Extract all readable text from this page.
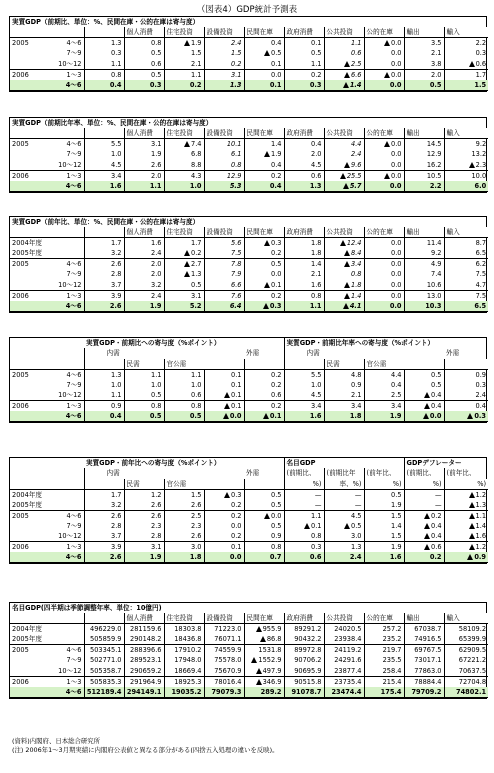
（図表4）GDP統計予測表
実質GDP（前期比、単位：%、民間在庫・公的在庫は寄与度）											
			個人消費	住宅投資	設備投資	民間在庫	政府消費	公共投資	公的在庫	輸出	輸入
2005	4～6	1.3	0.8	1.9	2.4	0.4	0.1	1.1	0.0	3.5	2.2
	7～9	0.3	0.5	1.5	1.5	0.5	0.5	0.6	0.0	2.1	0.3
	10～12	1.1	0.6	2.1	0.2	0.1	1.1	2.5	0.0	3.8	0.6
2006	1～3	0.8	0.5	1.1	3.1	0.0	0.2	6.6	0.0	2.0	1.7
	4～6	0.4	0.3	0.2	1.3	0.1	0.3	1.4	0.0	0.5	1.5
実質GDP（前期比年率、単位：%、民間在庫・公的在庫は寄与度）											
			個人消費	住宅投資	設備投資	民間在庫	政府消費	公共投資	公的在庫	輸出	輸入
2005	4～6	5.5	3.1	7.4	10.1	1.4	0.4	4.4	0.0	14.5	9.2
	7～9	1.0	1.9	6.8	6.1	1.9	2.0	2.4	0.0	12.9	13.2
	10～12	4.5	2.6	8.8	0.8	0.4	4.5	9.6	0.0	16.2	2.3
2006	1～3	3.4	2.0	4.3	12.9	0.2	0.6	25.5	0.0	10.5	10.0
	4～6	1.6	1.1	1.0	5.3	0.4	1.3	5.7	0.0	2.2	6.0
実質GDP（前年比、単位：%、民間在庫・公的在庫は寄与度）											
			個人消費	住宅投資	設備投資	民間在庫	政府消費	公共投資	公的在庫	輸出	輸入
2004年度		1.7	1.6	1.7	5.6	0.3	1.8	12.4	0.0	11.4	8.7
2005年度		3.2	2.4	0.2	7.5	0.2	1.8	8.4	0.0	9.2	6.5
2005	4～6	2.6	2.0	2.7	7.8	0.5	1.4	3.4	0.0	4.9	6.2
	7～9	2.8	2.0	1.3	7.9	0.0	2.1	0.8	0.0	7.4	7.5
	10～12	3.7	3.2	0.5	6.6	0.1	1.6	1.8	0.0	10.6	4.7
2006	1～3	3.9	2.4	3.1	7.6	0.2	0.8	1.4	0.0	13.0	7.5
	4～6	2.6	1.9	5.2	6.4	0.3	1.1	4.1	0.0	10.3	6.5
		実質GDP・前期比への寄与度（%ポイント）					実質GDP・前期比年率への寄与度（%ポイント）				
		内需				外需	内需				外需
			民需	官公需				民需	官公需		
2005	4～6	1.3	1.1	1.1	0.1	0.2	5.5	4.8	4.4	0.5	0.9
	7～9	1.0	1.0	1.0	0.1	0.2	1.0	0.9	0.4	0.5	0.3
	10～12	1.1	0.5	0.6	0.1	0.6	4.5	2.1	2.5	0.4	2.4
2006	1～3	0.9	0.8	0.8	0.1	0.2	3.4	3.4	3.4	0.4	0.4
	4～6	0.4	0.5	0.5	0.0	0.1	1.6	1.8	1.9	0.0	0.3
		実質GDP・前年比への寄与度（%ポイント）					名目GDP			GDPデフレーター	
		内需				外需	(前期比、	(前期比年	(前年比、	(前期比、	(前年比、
			民需	官公需			%)	率、%)	%)	%)	%)
2004年度		1.7	1.2	1.5	0.3	0.5	—	—	0.5	—	1.2
2005年度		3.2	2.6	2.6	0.2	0.5	—	—	1.9	—	1.3
2005	4～6	2.6	2.6	2.5	0.2	0.0	1.1	4.5	1.5	0.2	1.1
	7～9	2.8	2.3	2.3	0.0	0.5	0.1	0.5	1.4	0.4	1.4
	10～12	3.7	2.8	2.6	0.2	0.9	0.8	3.0	1.5	0.4	1.6
2006	1～3	3.9	3.1	3.0	0.1	0.8	0.3	1.3	1.9	0.6	1.2
	4～6	2.6	1.9	1.8	0.0	0.7	0.6	2.4	1.6	0.2	0.9
名目GDP(四半期は季節調整年率、単位：10億円)											
			個人消費	住宅投資	設備投資	民間在庫	政府消費	公共投資	公的在庫	輸出	輸入
2004年度		496229.0	281159.6	18303.8	71223.0	955.9	89291.2	24020.5	257.2	67038.7	58109.2
2005年度		505859.9	290148.2	18436.8	76071.1	86.8	90432.2	23938.4	235.2	74916.5	65399.9
2005	4～6	503345.1	288396.6	17910.2	74559.9	1531.8	89972.8	24119.2	219.7	69767.5	62909.5
	7～9	502771.0	289523.1	17948.0	75578.0	1552.9	90706.2	24291.6	235.5	73017.1	67221.2
	10～12	505358.7	290659.2	18669.4	75670.9	497.9	90695.9	23877.4	258.4	77863.0	70637.5
2006	1～3	505835.3	291964.9	18925.3	78016.4	346.9	90515.8	23735.4	215.4	78884.4	72704.8
	4～6	512189.4	294149.1	19035.2	79079.3	289.2	91078.7	23474.4	175.4	79709.2	74802.1
(資料)内閣府、日本総合研究所
(注) 2006年1～3月期実績に内閣府公表値と異なる部分がある(四捨五入処理の違いを反映)。
